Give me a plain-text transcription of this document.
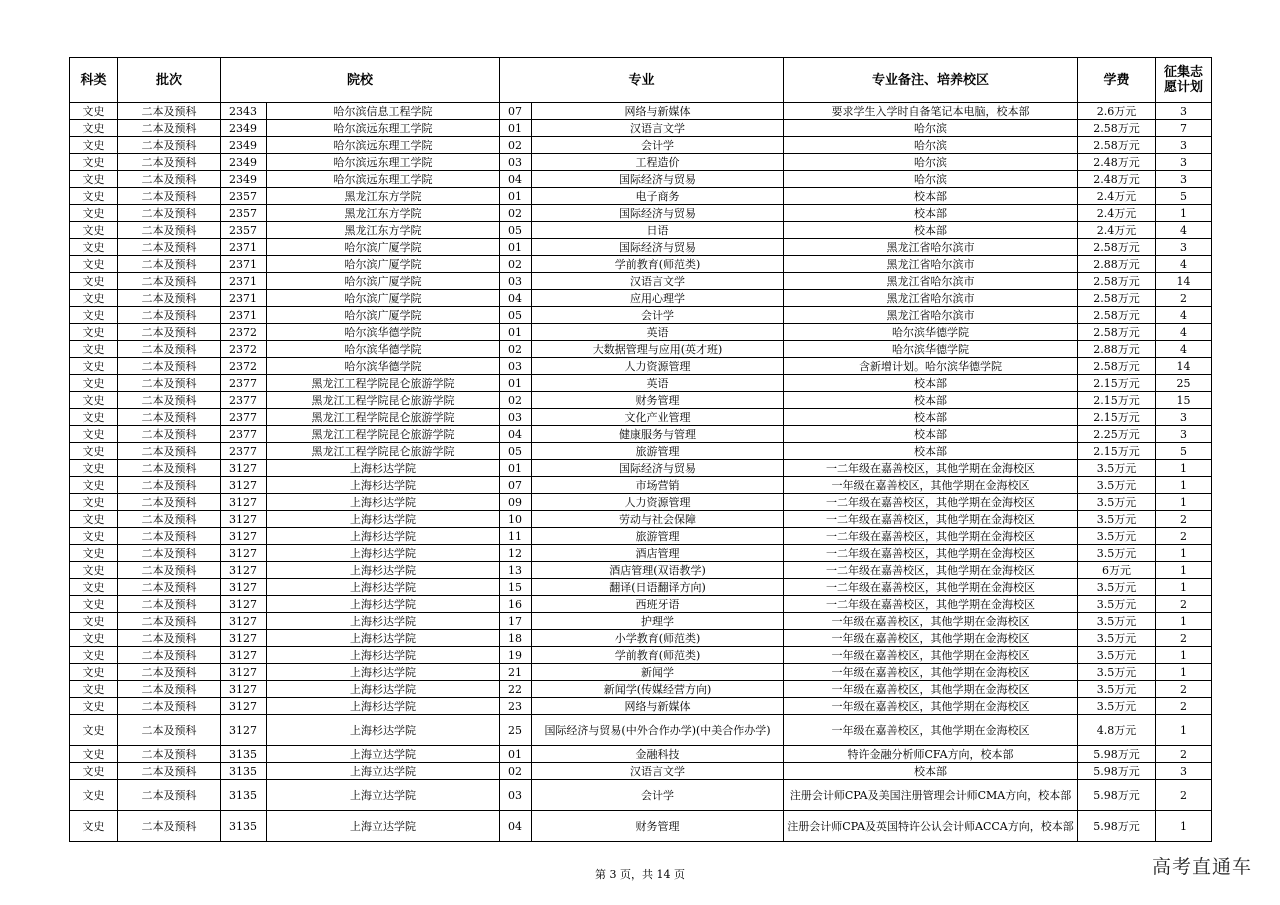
科类	批次	院校		专业		专业备注、培养校区	学费	征集志愿计划
文史	二本及预科	2343	哈尔滨信息工程学院	07	网络与新媒体	要求学生入学时自备笔记本电脑，校本部	2.6万元	3
文史	二本及预科	2349	哈尔滨远东理工学院	01	汉语言文学	哈尔滨	2.58万元	7
文史	二本及预科	2349	哈尔滨远东理工学院	02	会计学	哈尔滨	2.58万元	3
文史	二本及预科	2349	哈尔滨远东理工学院	03	工程造价	哈尔滨	2.48万元	3
文史	二本及预科	2349	哈尔滨远东理工学院	04	国际经济与贸易	哈尔滨	2.48万元	3
文史	二本及预科	2357	黑龙江东方学院	01	电子商务	校本部	2.4万元	5
文史	二本及预科	2357	黑龙江东方学院	02	国际经济与贸易	校本部	2.4万元	1
文史	二本及预科	2357	黑龙江东方学院	05	日语	校本部	2.4万元	4
文史	二本及预科	2371	哈尔滨广厦学院	01	国际经济与贸易	黑龙江省哈尔滨市	2.58万元	3
文史	二本及预科	2371	哈尔滨广厦学院	02	学前教育(师范类)	黑龙江省哈尔滨市	2.88万元	4
文史	二本及预科	2371	哈尔滨广厦学院	03	汉语言文学	黑龙江省哈尔滨市	2.58万元	14
文史	二本及预科	2371	哈尔滨广厦学院	04	应用心理学	黑龙江省哈尔滨市	2.58万元	2
文史	二本及预科	2371	哈尔滨广厦学院	05	会计学	黑龙江省哈尔滨市	2.58万元	4
文史	二本及预科	2372	哈尔滨华德学院	01	英语	哈尔滨华德学院	2.58万元	4
文史	二本及预科	2372	哈尔滨华德学院	02	大数据管理与应用(英才班)	哈尔滨华德学院	2.88万元	4
文史	二本及预科	2372	哈尔滨华德学院	03	人力资源管理	含新增计划。哈尔滨华德学院	2.58万元	14
文史	二本及预科	2377	黑龙江工程学院昆仑旅游学院	01	英语	校本部	2.15万元	25
文史	二本及预科	2377	黑龙江工程学院昆仑旅游学院	02	财务管理	校本部	2.15万元	15
文史	二本及预科	2377	黑龙江工程学院昆仑旅游学院	03	文化产业管理	校本部	2.15万元	3
文史	二本及预科	2377	黑龙江工程学院昆仑旅游学院	04	健康服务与管理	校本部	2.25万元	3
文史	二本及预科	2377	黑龙江工程学院昆仑旅游学院	05	旅游管理	校本部	2.15万元	5
文史	二本及预科	3127	上海杉达学院	01	国际经济与贸易	一二年级在嘉善校区，其他学期在金海校区	3.5万元	1
文史	二本及预科	3127	上海杉达学院	07	市场营销	一年级在嘉善校区，其他学期在金海校区	3.5万元	1
文史	二本及预科	3127	上海杉达学院	09	人力资源管理	一二年级在嘉善校区，其他学期在金海校区	3.5万元	1
文史	二本及预科	3127	上海杉达学院	10	劳动与社会保障	一二年级在嘉善校区，其他学期在金海校区	3.5万元	2
文史	二本及预科	3127	上海杉达学院	11	旅游管理	一二年级在嘉善校区，其他学期在金海校区	3.5万元	2
文史	二本及预科	3127	上海杉达学院	12	酒店管理	一二年级在嘉善校区，其他学期在金海校区	3.5万元	1
文史	二本及预科	3127	上海杉达学院	13	酒店管理(双语教学)	一二年级在嘉善校区，其他学期在金海校区	6万元	1
文史	二本及预科	3127	上海杉达学院	15	翻译(日语翻译方向)	一二年级在嘉善校区，其他学期在金海校区	3.5万元	1
文史	二本及预科	3127	上海杉达学院	16	西班牙语	一二年级在嘉善校区，其他学期在金海校区	3.5万元	2
文史	二本及预科	3127	上海杉达学院	17	护理学	一年级在嘉善校区，其他学期在金海校区	3.5万元	1
文史	二本及预科	3127	上海杉达学院	18	小学教育(师范类)	一年级在嘉善校区，其他学期在金海校区	3.5万元	2
文史	二本及预科	3127	上海杉达学院	19	学前教育(师范类)	一年级在嘉善校区，其他学期在金海校区	3.5万元	1
文史	二本及预科	3127	上海杉达学院	21	新闻学	一年级在嘉善校区，其他学期在金海校区	3.5万元	1
文史	二本及预科	3127	上海杉达学院	22	新闻学(传媒经营方向)	一年级在嘉善校区，其他学期在金海校区	3.5万元	2
文史	二本及预科	3127	上海杉达学院	23	网络与新媒体	一年级在嘉善校区，其他学期在金海校区	3.5万元	2
文史	二本及预科	3127	上海杉达学院	25	国际经济与贸易(中外合作办学)(中美合作办学)	一年级在嘉善校区，其他学期在金海校区	4.8万元	1
文史	二本及预科	3135	上海立达学院	01	金融科技	特许金融分析师CFA方向，校本部	5.98万元	2
文史	二本及预科	3135	上海立达学院	02	汉语言文学	校本部	5.98万元	3
文史	二本及预科	3135	上海立达学院	03	会计学	注册会计师CPA及美国注册管理会计师CMA方向，校本部	5.98万元	2
文史	二本及预科	3135	上海立达学院	04	财务管理	注册会计师CPA及英国特许公认会计师ACCA方向，校本部	5.98万元	1
第 3 页，共 14 页	高考直通车
